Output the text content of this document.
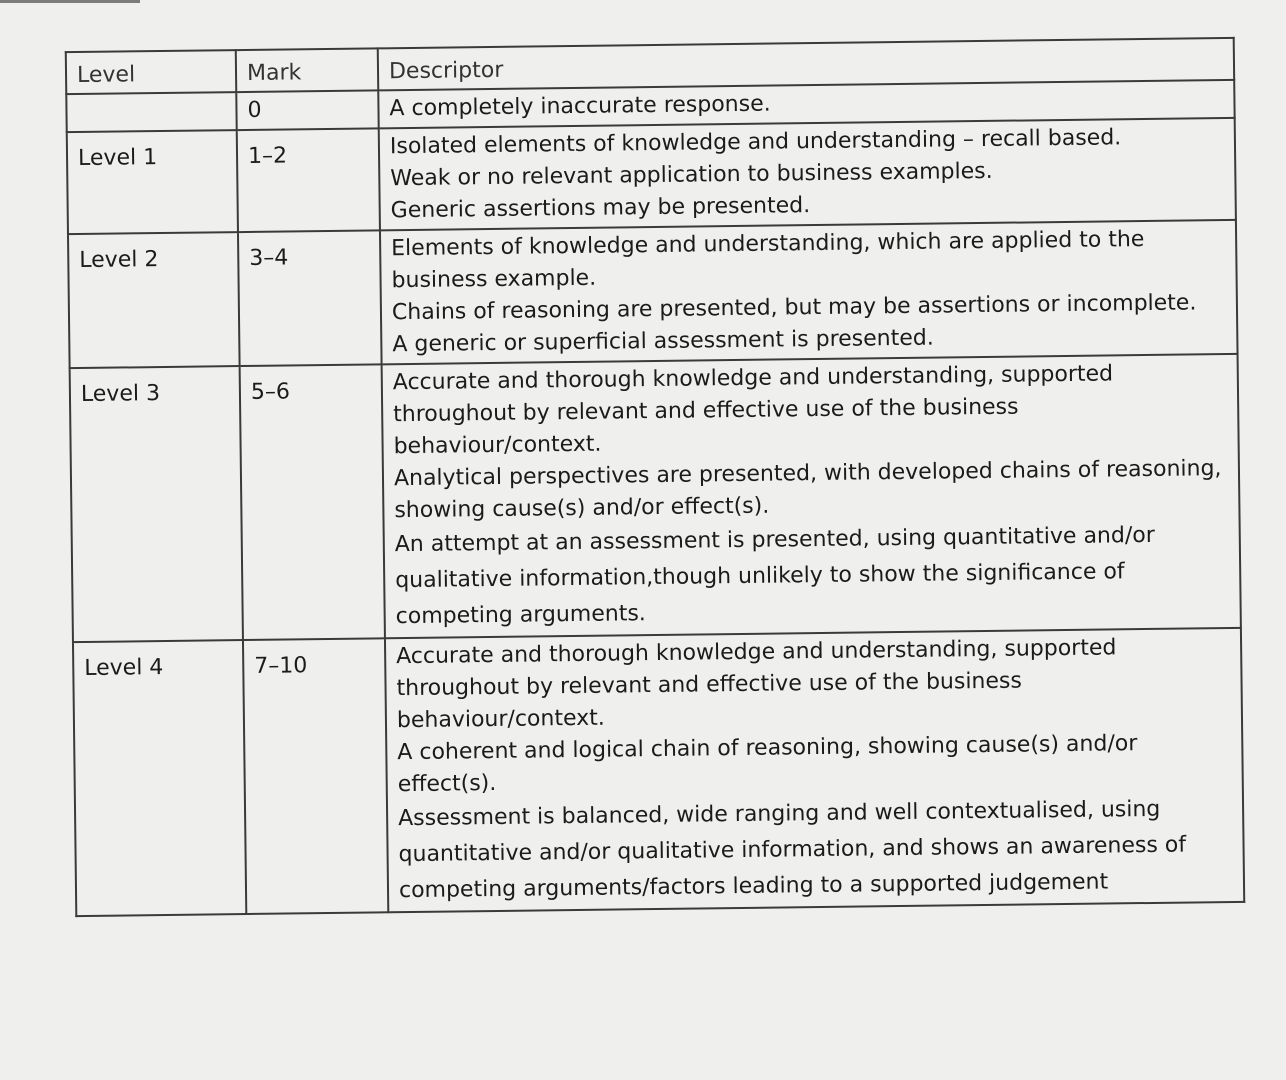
Level	Mark	Descriptor
	0	A completely inaccurate response.

Level 1	1–2	Isolated elements of knowledge and understanding – recall based.
Weak or no relevant application to business examples.
Generic assertions may be presented.

Level 2	3–4	Elements of knowledge and understanding, which are applied to the business example.
Chains of reasoning are presented, but may be assertions or incomplete.
A generic or superficial assessment is presented.

Level 3	5–6	Accurate and thorough knowledge and understanding, supported throughout by relevant and effective use of the business behaviour/context.
Analytical perspectives are presented, with developed chains of reasoning, showing cause(s) and/or effect(s).
An attempt at an assessment is presented, using quantitative and/or qualitative information,though unlikely to show the significance of competing arguments.

Level 4	7–10	Accurate and thorough knowledge and understanding, supported throughout by relevant and effective use of the business behaviour/context.
A coherent and logical chain of reasoning, showing cause(s) and/or effect(s).
Assessment is balanced, wide ranging and well contextualised, using quantitative and/or qualitative information, and shows an awareness of competing arguments/factors leading to a supported judgement
